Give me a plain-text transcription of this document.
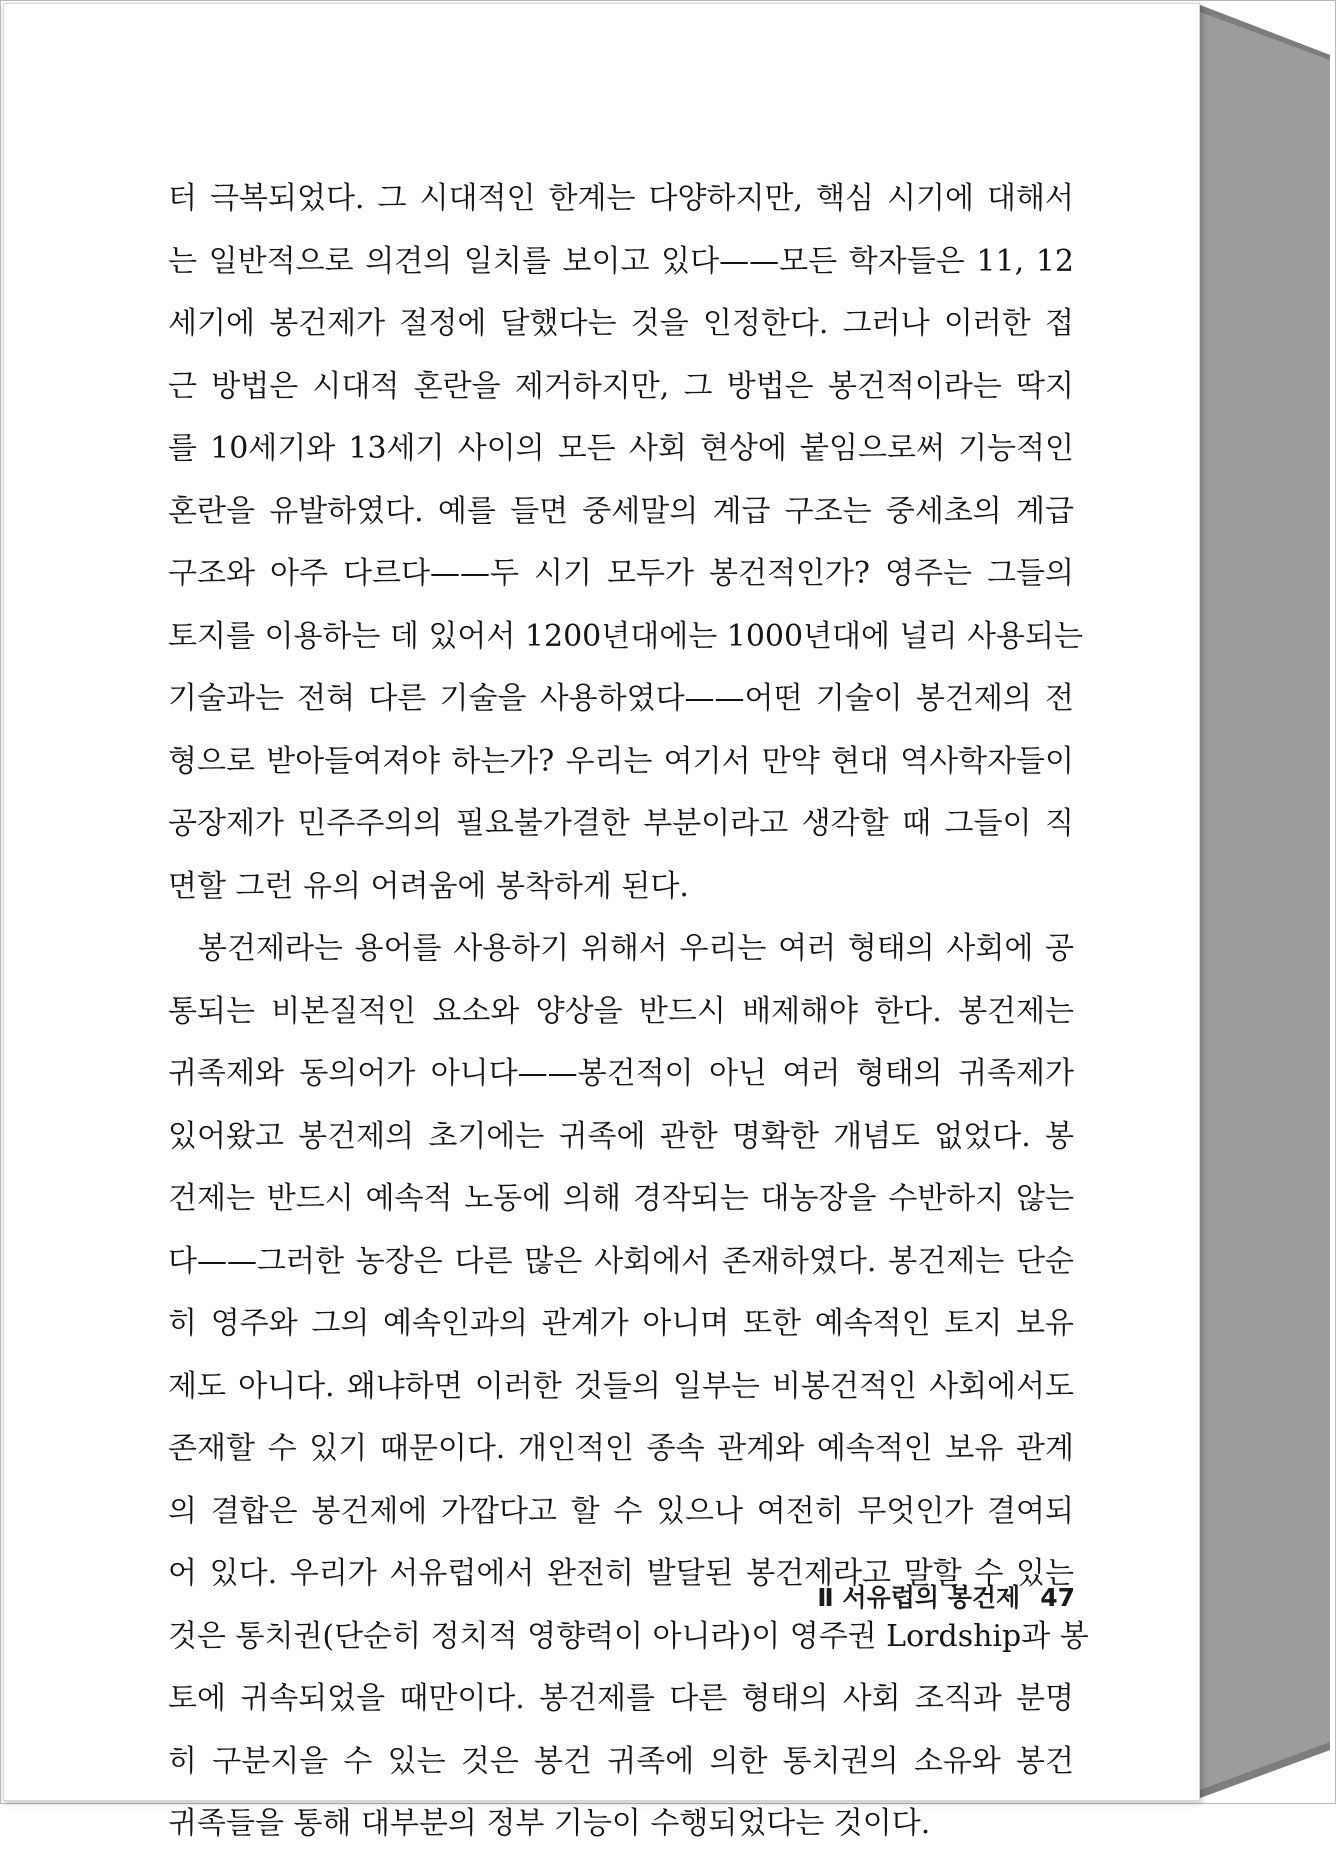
터 극복되었다. 그 시대적인 한계는 다양하지만, 핵심 시기에 대해서
는 일반적으로 의견의 일치를 보이고 있다——모든 학자들은 11, 12
세기에 봉건제가 절정에 달했다는 것을 인정한다. 그러나 이러한 접
근 방법은 시대적 혼란을 제거하지만, 그 방법은 봉건적이라는 딱지
를 10세기와 13세기 사이의 모든 사회 현상에 붙임으로써 기능적인
혼란을 유발하였다. 예를 들면 중세말의 계급 구조는 중세초의 계급
구조와 아주 다르다——두 시기 모두가 봉건적인가? 영주는 그들의
토지를 이용하는 데 있어서 1200년대에는 1000년대에 널리 사용되는
기술과는 전혀 다른 기술을 사용하였다——어떤 기술이 봉건제의 전
형으로 받아들여져야 하는가? 우리는 여기서 만약 현대 역사학자들이
공장제가 민주주의의 필요불가결한 부분이라고 생각할 때 그들이 직
면할 그런 유의 어려움에 봉착하게 된다.
봉건제라는 용어를 사용하기 위해서 우리는 여러 형태의 사회에 공
통되는 비본질적인 요소와 양상을 반드시 배제해야 한다. 봉건제는
귀족제와 동의어가 아니다——봉건적이 아닌 여러 형태의 귀족제가
있어왔고 봉건제의 초기에는 귀족에 관한 명확한 개념도 없었다. 봉
건제는 반드시 예속적 노동에 의해 경작되는 대농장을 수반하지 않는
다——그러한 농장은 다른 많은 사회에서 존재하였다. 봉건제는 단순
히 영주와 그의 예속인과의 관계가 아니며 또한 예속적인 토지 보유
제도 아니다. 왜냐하면 이러한 것들의 일부는 비봉건적인 사회에서도
존재할 수 있기 때문이다. 개인적인 종속 관계와 예속적인 보유 관계
의 결합은 봉건제에 가깝다고 할 수 있으나 여전히 무엇인가 결여되
어 있다. 우리가 서유럽에서 완전히 발달된 봉건제라고 말할 수 있는
것은 통치권(단순히 정치적 영향력이 아니라)이 영주권 Lordship과 봉
토에 귀속되었을 때만이다. 봉건제를 다른 형태의 사회 조직과 분명
히 구분지을 수 있는 것은 봉건 귀족에 의한 통치권의 소유와 봉건
귀족들을 통해 대부분의 정부 기능이 수행되었다는 것이다.
Ⅱ 서유럽의 봉건제 47
